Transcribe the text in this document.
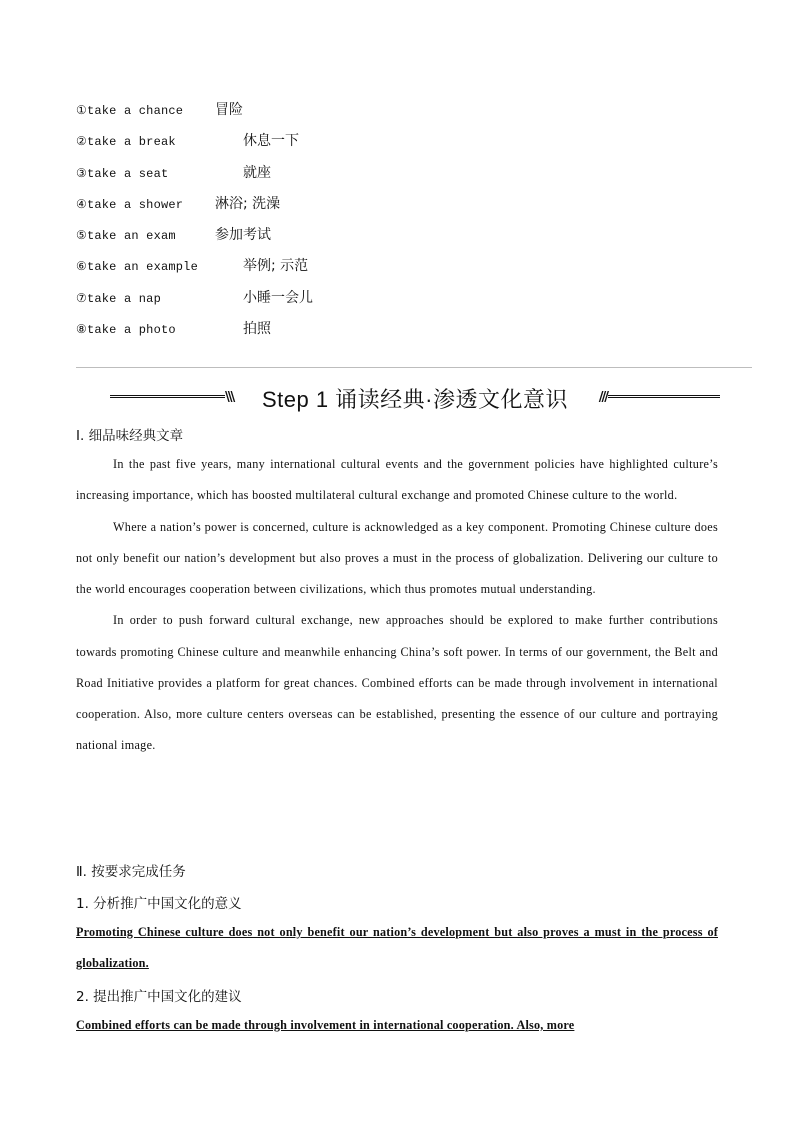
①take a chance 冒险
②take a break	休息一下
③take a seat	就座
④take a shower 淋浴; 洗澡
⑤take an exam	参加考试
⑥take an example	举例; 示范
⑦take a nap	小睡一会儿
⑧take a photo	拍照
\\\	Step 1 诵读经典·渗透文化意识	///
Ⅰ. 细品味经典文章

In the past five years, many international cultural events and the government policies have highlighted culture’s increasing importance, which has boosted multilateral cultural exchange and promoted Chinese culture to the world.

Where a nation’s power is concerned, culture is acknowledged as a key component. Promoting Chinese culture does not only benefit our nation’s development but also proves a must in the process of globalization. Delivering our culture to the world encourages cooperation between civilizations, which thus promotes mutual understanding.

In order to push forward cultural exchange, new approaches should be explored to make further contributions towards promoting Chinese culture and meanwhile enhancing China’s soft power. In terms of our government, the Belt and Road Initiative provides a platform for great chances. Combined efforts can be made through involvement in international cooperation. Also, more culture centers overseas can be established, presenting the essence of our culture and portraying national image.

Ⅱ. 按要求完成任务
1. 分析推广中国文化的意义

Promoting Chinese culture does not only benefit our nation’s development but also proves a must in the process of globalization.

2. 提出推广中国文化的建议

Combined efforts can be made through involvement in international cooperation. Also, more
